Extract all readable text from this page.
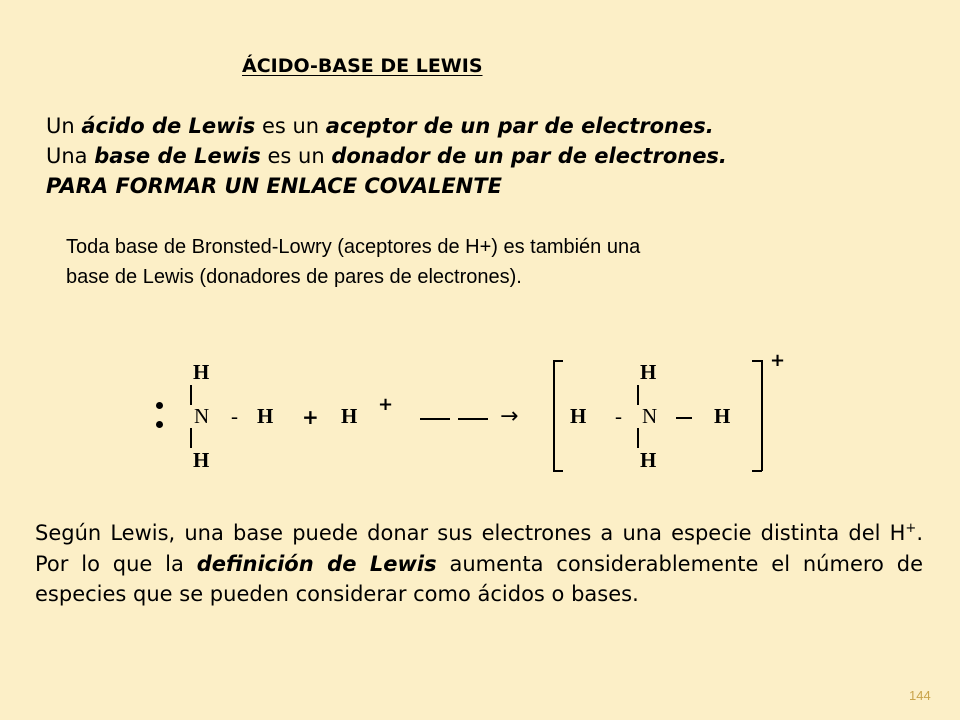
ÁCIDO-BASE DE LEWIS
Un ácido de Lewis es un aceptor de un par de electrones.
Una base de Lewis es un donador de un par de electrones.
PARA FORMAR UN ENLACE COVALENTE
Toda base de Bronsted-Lowry (aceptores de H+) es también una
base de Lewis (donadores de pares de electrones).
H
N - H
H
+ H +	→
H
H - N	H
H
+
Según Lewis, una base puede donar sus electrones a una especie distinta del H+. Por lo que la definición de Lewis aumenta considerablemente el número de especies que se pueden considerar como ácidos o bases.
144
